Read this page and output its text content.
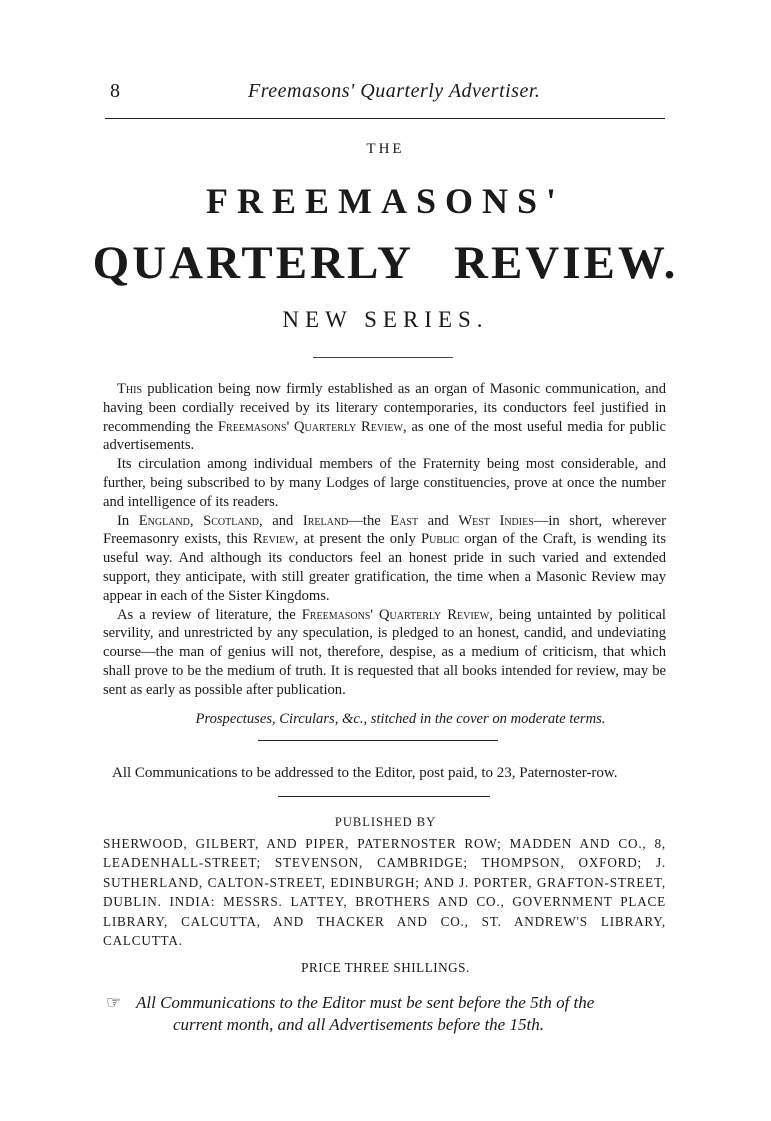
8	Freemasons' Quarterly Advertiser.
THE
FREEMASONS'
QUARTERLY REVIEW.
NEW SERIES.

This publication being now firmly established as an organ of Masonic communication, and having been cordially received by its literary contemporaries, its conductors feel justified in recommending the Freemasons' Quarterly Review, as one of the most useful media for public advertisements.

Its circulation among individual members of the Fraternity being most considerable, and further, being subscribed to by many Lodges of large constituencies, prove at once the number and intelligence of its readers.

In England, Scotland, and Ireland—the East and West Indies—in short, wherever Freemasonry exists, this Review, at present the only Public organ of the Craft, is wending its useful way. And although its conductors feel an honest pride in such varied and extended support, they anticipate, with still greater gratification, the time when a Masonic Review may appear in each of the Sister Kingdoms.

As a review of literature, the Freemasons' Quarterly Review, being untainted by political servility, and unrestricted by any speculation, is pledged to an honest, candid, and undeviating course—the man of genius will not, therefore, despise, as a medium of criticism, that which shall prove to be the medium of truth. It is requested that all books intended for review, may be sent as early as possible after publication.

Prospectuses, Circulars, &c., stitched in the cover on moderate terms.
All Communications to be addressed to the Editor, post paid, to 23, Paternoster-row.
PUBLISHED BY
SHERWOOD, GILBERT, AND PIPER, PATERNOSTER ROW; MADDEN AND CO., 8, LEADENHALL-STREET; STEVENSON, CAMBRIDGE; THOMPSON, OXFORD; J. SUTHERLAND, CALTON-STREET, EDINBURGH; AND J. PORTER, GRAFTON-STREET, DUBLIN. INDIA: MESSRS. LATTEY, BROTHERS AND CO., GOVERNMENT PLACE LIBRARY, CALCUTTA, AND THACKER AND CO., ST. ANDREW'S LIBRARY, CALCUTTA.
PRICE THREE SHILLINGS.
☞ All Communications to the Editor must be sent before the 5th of the
current month, and all Advertisements before the 15th.
